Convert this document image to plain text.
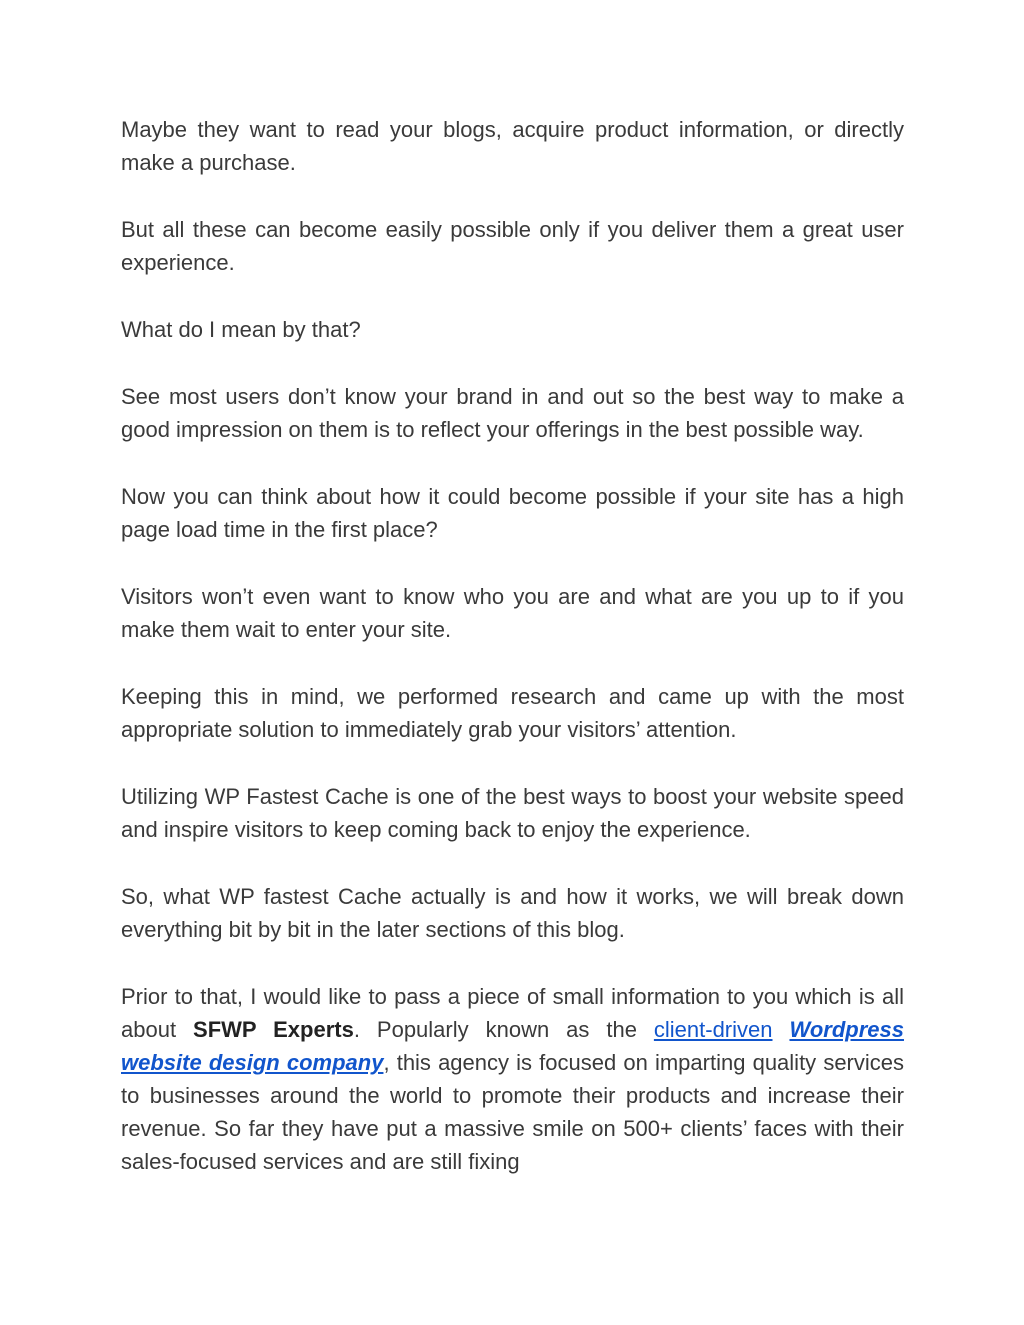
Maybe they want to read your blogs, acquire product information, or directly make a purchase.

But all these can become easily possible only if you deliver them a great user experience.

What do I mean by that?

See most users don’t know your brand in and out so the best way to make a good impression on them is to reflect your offerings in the best possible way.

Now you can think about how it could become possible if your site has a high page load time in the first place?

Visitors won’t even want to know who you are and what are you up to if you make them wait to enter your site.

Keeping this in mind, we performed research and came up with the most appropriate solution to immediately grab your visitors’ attention.

Utilizing WP Fastest Cache is one of the best ways to boost your website speed and inspire visitors to keep coming back to enjoy the experience.

So, what WP fastest Cache actually is and how it works, we will break down everything bit by bit in the later sections of this blog.

Prior to that, I would like to pass a piece of small information to you which is all about SFWP Experts. Popularly known as the client-driven Wordpress website design company, this agency is focused on imparting quality services to businesses around the world to promote their products and increase their revenue. So far they have put a massive smile on 500+ clients’ faces with their sales-focused services and are still fixing
